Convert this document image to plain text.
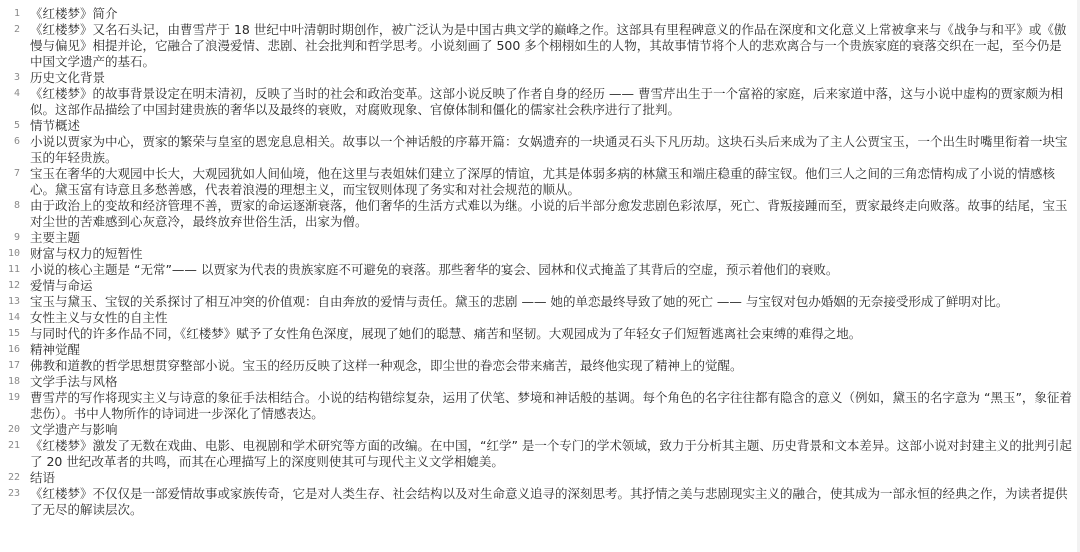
1 《红楼梦》简介
2 《红楼梦》又名石头记，由曹雪芹于 18 世纪中叶清朝时期创作，被广泛认为是中国古典文学的巅峰之作。这部具有里程碑意义的作品在深度和文化意义上常被拿来与《战争与和平》或《傲慢与偏见》相提并论，它融合了浪漫爱情、悲剧、社会批判和哲学思考。小说刻画了 500 多个栩栩如生的人物，其故事情节将个人的悲欢离合与一个贵族家庭的衰落交织在一起，至今仍是中国文学遗产的基石。
3 历史文化背景
4 《红楼梦》的故事背景设定在明末清初，反映了当时的社会和政治变革。这部小说反映了作者自身的经历 —— 曹雪芹出生于一个富裕的家庭，后来家道中落，这与小说中虚构的贾家颇为相似。这部作品描绘了中国封建贵族的奢华以及最终的衰败，对腐败现象、官僚体制和僵化的儒家社会秩序进行了批判。
5 情节概述
6 小说以贾家为中心，贾家的繁荣与皇室的恩宠息息相关。故事以一个神话般的序幕开篇：女娲遗弃的一块通灵石头下凡历劫。这块石头后来成为了主人公贾宝玉，一个出生时嘴里衔着一块宝玉的年轻贵族。
7 宝玉在奢华的大观园中长大，大观园犹如人间仙境，他在这里与表姐妹们建立了深厚的情谊，尤其是体弱多病的林黛玉和端庄稳重的薛宝钗。他们三人之间的三角恋情构成了小说的情感核心。黛玉富有诗意且多愁善感，代表着浪漫的理想主义，而宝钗则体现了务实和对社会规范的顺从。
8 由于政治上的变故和经济管理不善，贾家的命运逐渐衰落，他们奢华的生活方式难以为继。小说的后半部分愈发悲剧色彩浓厚，死亡、背叛接踵而至，贾家最终走向败落。故事的结尾，宝玉对尘世的苦难感到心灰意冷，最终放弃世俗生活，出家为僧。
9 主要主题
10 财富与权力的短暂性
11 小说的核心主题是 “无常”—— 以贾家为代表的贵族家庭不可避免的衰落。那些奢华的宴会、园林和仪式掩盖了其背后的空虚，预示着他们的衰败。
12 爱情与命运
13 宝玉与黛玉、宝钗的关系探讨了相互冲突的价值观：自由奔放的爱情与责任。黛玉的悲剧 —— 她的单恋最终导致了她的死亡 —— 与宝钗对包办婚姻的无奈接受形成了鲜明对比。
14 女性主义与女性的自主性
15 与同时代的许多作品不同，《红楼梦》赋予了女性角色深度，展现了她们的聪慧、痛苦和坚韧。大观园成为了年轻女子们短暂逃离社会束缚的难得之地。
16 精神觉醒
17 佛教和道教的哲学思想贯穿整部小说。宝玉的经历反映了这样一种观念，即尘世的眷恋会带来痛苦，最终他实现了精神上的觉醒。
18 文学手法与风格
19 曹雪芹的写作将现实主义与诗意的象征手法相结合。小说的结构错综复杂，运用了伏笔、梦境和神话般的基调。每个角色的名字往往都有隐含的意义（例如，黛玉的名字意为 “黑玉”，象征着悲伤）。书中人物所作的诗词进一步深化了情感表达。
20 文学遗产与影响
21 《红楼梦》激发了无数在戏曲、电影、电视剧和学术研究等方面的改编。在中国，“红学” 是一个专门的学术领域，致力于分析其主题、历史背景和文本差异。这部小说对封建主义的批判引起了 20 世纪改革者的共鸣，而其在心理描写上的深度则使其可与现代主义文学相媲美。
22 结语
23 《红楼梦》不仅仅是一部爱情故事或家族传奇，它是对人类生存、社会结构以及对生命意义追寻的深刻思考。其抒情之美与悲剧现实主义的融合，使其成为一部永恒的经典之作，为读者提供了无尽的解读层次。
